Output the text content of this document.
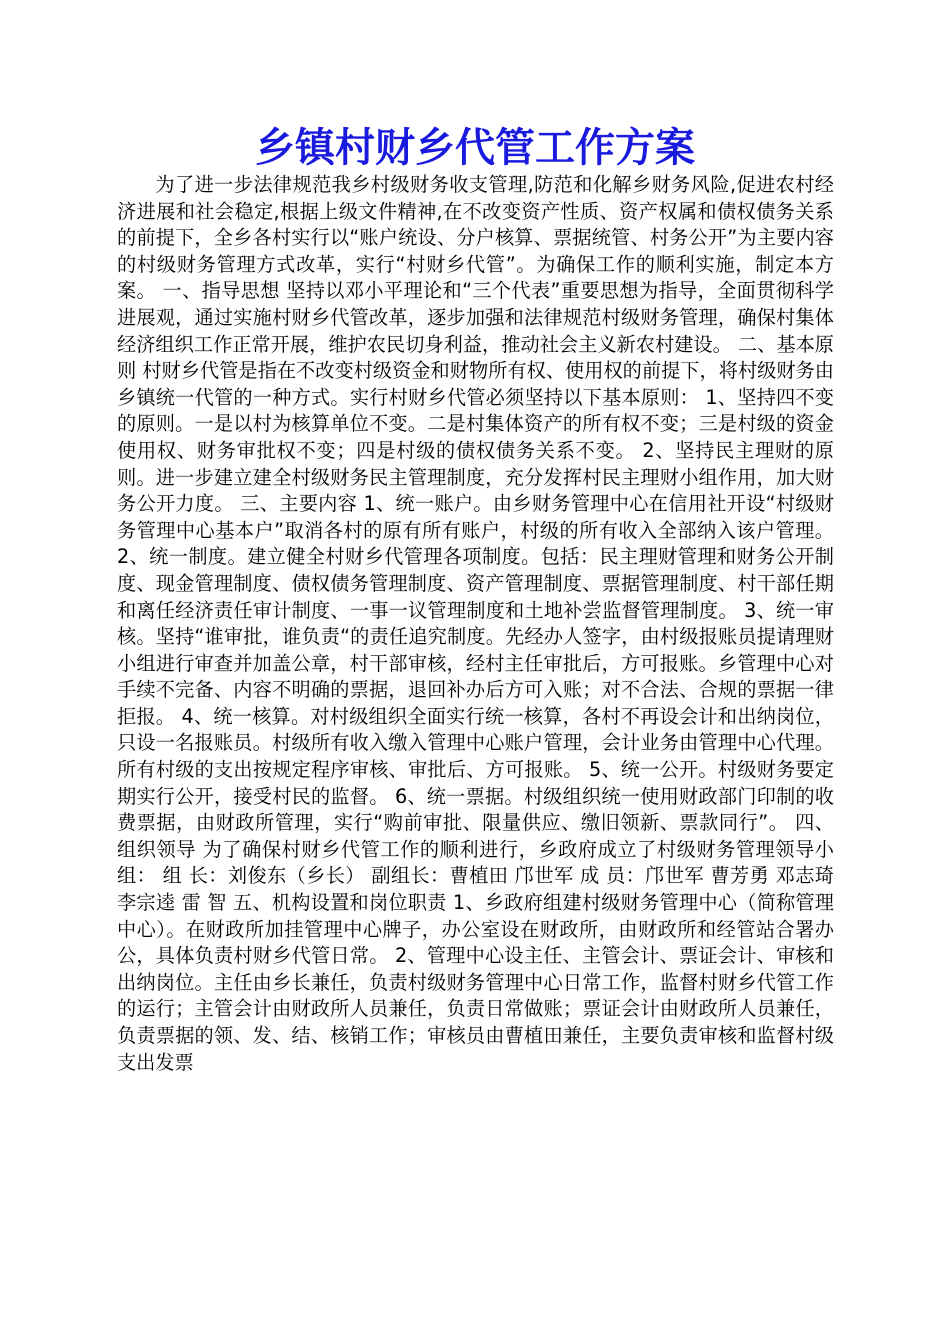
乡镇村财乡代管工作方案

为了进一步法律规范我乡村级财务收支管理,防范和化解乡财务风险,促进农村经济进展和社会稳定,根据上级文件精神,在不改变资产性质、资产权属和债权债务关系的前提下，全乡各村实行以“账户统设、分户核算、票据统管、村务公开”为主要内容的村级财务管理方式改革，实行“村财乡代管”。为确保工作的顺利实施，制定本方案。 一、指导思想 坚持以邓小平理论和“三个代表”重要思想为指导，全面贯彻科学进展观，通过实施村财乡代管改革，逐步加强和法律规范村级财务管理，确保村集体经济组织工作正常开展，维护农民切身利益，推动社会主义新农村建设。 二、基本原则 村财乡代管是指在不改变村级资金和财物所有权、使用权的前提下，将村级财务由乡镇统一代管的一种方式。实行村财乡代管必须坚持以下基本原则： 1、坚持四不变的原则。一是以村为核算单位不变。二是村集体资产的所有权不变；三是村级的资金使用权、财务审批权不变；四是村级的债权债务关系不变。 2、坚持民主理财的原则。进一步建立建全村级财务民主管理制度，充分发挥村民主理财小组作用，加大财务公开力度。 三、主要内容 1、统一账户。由乡财务管理中心在信用社开设“村级财务管理中心基本户”取消各村的原有所有账户，村级的所有收入全部纳入该户管理。 2、统一制度。建立健全村财乡代管理各项制度。包括：民主理财管理和财务公开制度、现金管理制度、债权债务管理制度、资产管理制度、票据管理制度、村干部任期和离任经济责任审计制度、一事一议管理制度和土地补尝监督管理制度。 3、统一审核。坚持“谁审批，谁负责“的责任追究制度。先经办人签字，由村级报账员提请理财小组进行审查并加盖公章，村干部审核，经村主任审批后，方可报账。乡管理中心对手续不完备、内容不明确的票据，退回补办后方可入账；对不合法、合规的票据一律拒报。 4、统一核算。对村级组织全面实行统一核算，各村不再设会计和出纳岗位，只设一名报账员。村级所有收入缴入管理中心账户管理，会计业务由管理中心代理。所有村级的支出按规定程序审核、审批后、方可报账。 5、统一公开。村级财务要定期实行公开，接受村民的监督。 6、统一票据。村级组织统一使用财政部门印制的收费票据，由财政所管理，实行“购前审批、限量供应、缴旧领新、票款同行”。 四、 组织领导 为了确保村财乡代管工作的顺利进行，乡政府成立了村级财务管理领导小组： 组 长：刘俊东（乡长） 副组长：曹植田 邝世军 成 员：邝世军 曹芳勇 邓志琦 李宗逵 雷 智 五、机构设置和岗位职责 1、乡政府组建村级财务管理中心（简称管理中心）。在财政所加挂管理中心牌子，办公室设在财政所，由财政所和经管站合署办公，具体负责村财乡代管日常。 2、管理中心设主任、主管会计、票证会计、审核和出纳岗位。主任由乡长兼任，负责村级财务管理中心日常工作，监督村财乡代管工作的运行；主管会计由财政所人员兼任，负责日常做账；票证会计由财政所人员兼任，负责票据的领、发、结、核销工作；审核员由曹植田兼任，主要负责审核和监督村级支出发票
